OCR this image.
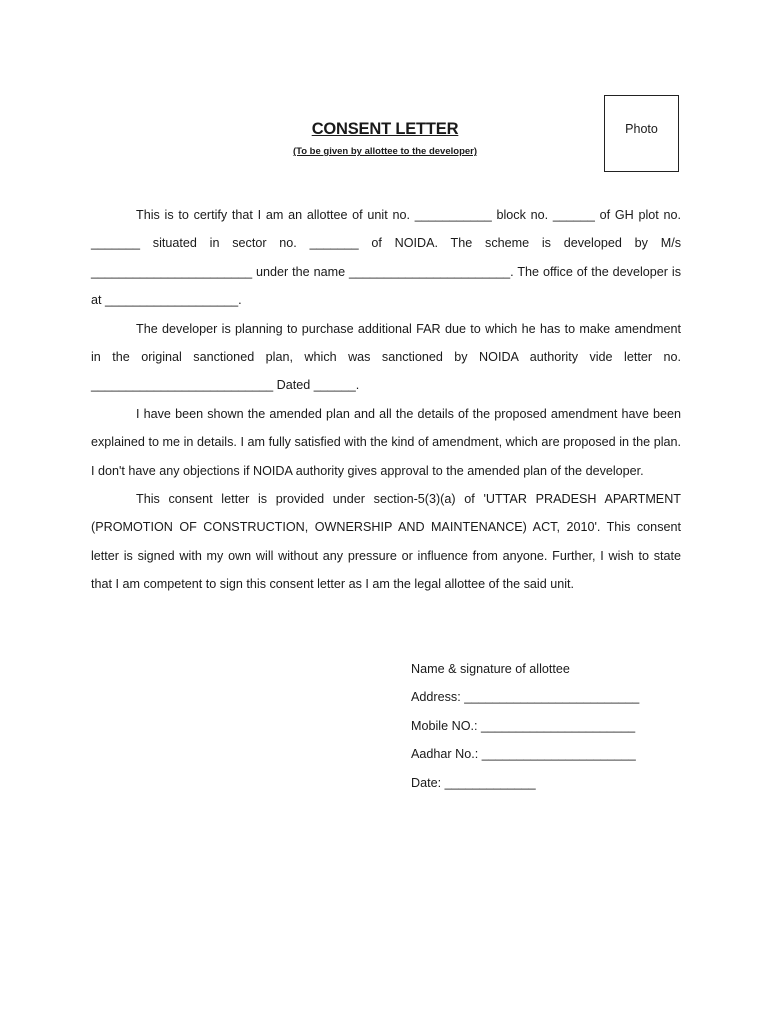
Photo
CONSENT LETTER
(To be given by allottee to the developer)

This is to certify that I am an allottee of unit no. ___________ block no. ______ of GH plot no. _______ situated in sector no. _______ of NOIDA. The scheme is developed by M/s _______________________ under the name _______________________. The office of the developer is at ___________________.

The developer is planning to purchase additional FAR due to which he has to make amendment in the original sanctioned plan, which was sanctioned by NOIDA authority vide letter no. __________________________ Dated ______.

I have been shown the amended plan and all the details of the proposed amendment have been explained to me in details. I am fully satisfied with the kind of amendment, which are proposed in the plan. I don't have any objections if NOIDA authority gives approval to the amended plan of the developer.

This consent letter is provided under section-5(3)(a) of 'UTTAR PRADESH APARTMENT (PROMOTION OF CONSTRUCTION, OWNERSHIP AND MAINTENANCE) ACT, 2010'. This consent letter is signed with my own will without any pressure or influence from anyone. Further, I wish to state that I am competent to sign this consent letter as I am the legal allottee of the said unit.

Name & signature of allottee
Address: _________________________
Mobile NO.: ______________________
Aadhar No.: ______________________
Date: _____________
